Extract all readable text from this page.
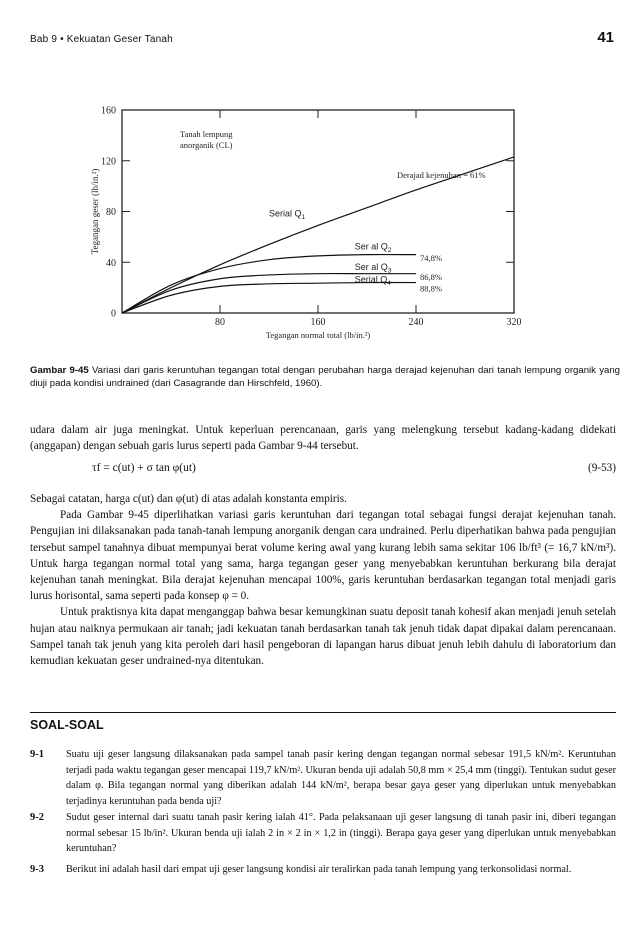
Bab 9 • Kekuatan Geser Tanah	41
160
120
80
40
0
80	160	240	320
Tegangan normal total (lb/in.²)
Tegangan geser (lb/in.²)
Tanah lempung
anorganik (CL)
Serial $Q_1$
Derajad kejenuhan = 61%
Ser al $Q_2$
74,8%
Ser al $Q_3$
86,8%
Serial $Q_4$	88,8%
Gambar 9-45 Variasi dari garis keruntuhan tegangan total dengan perubahan harga derajad kejenuhan dari tanah lempung organik yang diuji pada kondisi undrained (dari Casagrande dan Hirschfeld, 1960).
udara dalam air juga meningkat. Untuk keperluan perencanaan, garis yang melengkung tersebut kadang-kadang didekati (anggapan) dengan sebuah garis lurus seperti pada Gambar 9-44 tersebut.
τf = c(ut) + σ tan φ(ut)	(9-53)

Sebagai catatan, harga c(ut) dan φ(ut) di atas adalah konstanta empiris.

Pada Gambar 9-45 diperlihatkan variasi garis keruntuhan dari tegangan total sebagai fungsi derajat kejenuhan tanah. Pengujian ini dilaksanakan pada tanah-tanah lempung anorganik dengan cara undrained. Perlu diperhatikan bahwa pada pengujian tersebut sampel tanahnya dibuat mempunyai berat volume kering awal yang kurang lebih sama sekitar 106 lb/ft³ (= 16,7 kN/m³). Untuk harga tegangan normal total yang sama, harga tegangan geser yang menyebabkan keruntuhan berkurang bila derajat kejenuhan tanah meningkat. Bila derajat kejenuhan mencapai 100%, garis keruntuhan berdasarkan tegangan total menjadi garis lurus horisontal, sama seperti pada konsep φ = 0.

Untuk praktisnya kita dapat menganggap bahwa besar kemungkinan suatu deposit tanah kohesif akan menjadi jenuh setelah hujan atau naiknya permukaan air tanah; jadi kekuatan tanah berdasarkan tanah tak jenuh tidak dapat dipakai dalam perencanaan. Sampel tanah tak jenuh yang kita peroleh dari hasil pengeboran di lapangan harus dibuat jenuh lebih dahulu di laboratorium dan kemudian kekuatan geser undrained-nya ditentukan.

SOAL-SOAL
9-1 Suatu uji geser langsung dilaksanakan pada sampel tanah pasir kering dengan tegangan normal sebesar 191,5 kN/m². Keruntuhan terjadi pada waktu tegangan geser mencapai 119,7 kN/m². Ukuran benda uji adalah 50,8 mm × 25,4 mm (tinggi). Tentukan sudut geser dalam φ. Bila tegangan normal yang diberikan adalah 144 kN/m², berapa besar gaya geser yang diperlukan untuk menyebabkan terjadinya keruntuhan pada benda uji?
9-2 Sudut geser internal dari suatu tanah pasir kering ialah 41°. Pada pelaksanaan uji geser langsung di tanah pasir ini, diberi tegangan normal sebesar 15 lb/in². Ukuran benda uji ialah 2 in × 2 in × 1,2 in (tinggi). Berapa gaya geser yang diperlukan untuk menyebabkan keruntuhan?
9-3 Berikut ini adalah hasil dari empat uji geser langsung kondisi air teralirkan pada tanah lempung yang terkonsolidasi normal.
